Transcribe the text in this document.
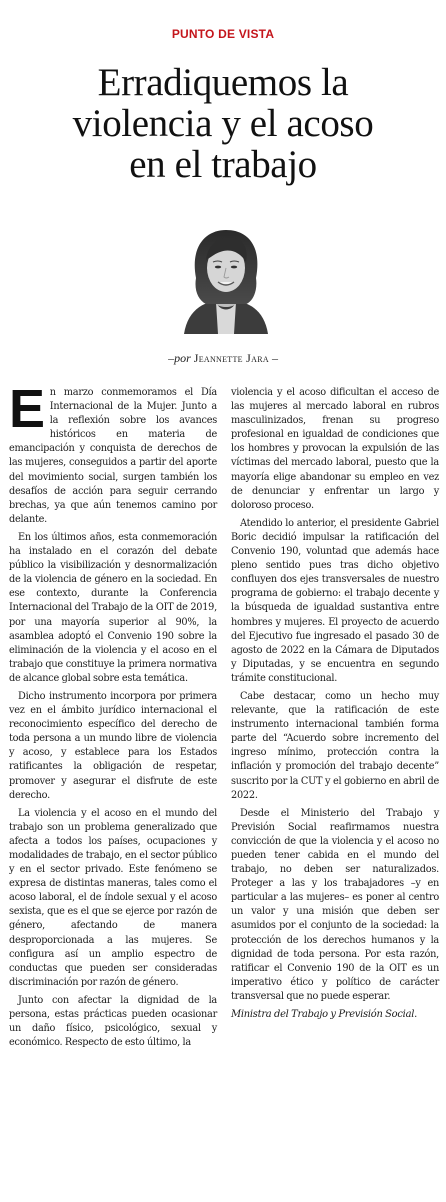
PUNTO DE VISTA
Erradiquemos la
violencia y el acoso
en el trabajo
–por Jeannette Jara –

En marzo conmemoramos el Día Internacional de la Mujer. Junto a la reflexión sobre los avances históricos en materia de emancipación y conquista de derechos de las mujeres, conseguidos a partir del aporte del movimiento social, surgen también los desafíos de acción para seguir cerrando brechas, ya que aún tenemos camino por delante.

En los últimos años, esta conmemoración ha instalado en el corazón del debate público la visibilización y desnormalización de la violencia de género en la sociedad. En ese contexto, durante la Conferencia Internacional del Trabajo de la OIT de 2019, por una mayoría superior al 90%, la asamblea adoptó el Convenio 190 sobre la eliminación de la violencia y el acoso en el trabajo que constituye la primera normativa de alcance global sobre esta temática.

Dicho instrumento incorpora por primera vez en el ámbito jurídico internacional el reconocimiento específico del derecho de toda persona a un mundo libre de violencia y acoso, y establece para los Estados ratificantes la obligación de respetar, promover y asegurar el disfrute de este derecho.

La violencia y el acoso en el mundo del trabajo son un problema generalizado que afecta a todos los países, ocupaciones y modalidades de trabajo, en el sector público y en el sector privado. Este fenómeno se expresa de distintas maneras, tales como el acoso laboral, el de índole sexual y el acoso sexista, que es el que se ejerce por razón de género, afectando de manera desproporcionada a las mujeres. Se configura así un amplio espectro de conductas que pueden ser consideradas discriminación por razón de género.

Junto con afectar la dignidad de la persona, estas prácticas pueden ocasionar un daño físico, psicológico, sexual y económico. Respecto de esto último, la

violencia y el acoso dificultan el acceso de las mujeres al mercado laboral en rubros masculinizados, frenan su progreso profesional en igualdad de condiciones que los hombres y provocan la expulsión de las víctimas del mercado laboral, puesto que la mayoría elige abandonar su empleo en vez de denunciar y enfrentar un largo y doloroso proceso.

Atendido lo anterior, el presidente Gabriel Boric decidió impulsar la ratificación del Convenio 190, voluntad que además hace pleno sentido pues tras dicho objetivo confluyen dos ejes transversales de nuestro programa de gobierno: el trabajo decente y la búsqueda de igualdad sustantiva entre hombres y mujeres. El proyecto de acuerdo del Ejecutivo fue ingresado el pasado 30 de agosto de 2022 en la Cámara de Diputados y Diputadas, y se encuentra en segundo trámite constitucional.

Cabe destacar, como un hecho muy relevante, que la ratificación de este instrumento internacional también forma parte del “Acuerdo sobre incremento del ingreso mínimo, protección contra la inflación y promoción del trabajo decente” suscrito por la CUT y el gobierno en abril de 2022.

Desde el Ministerio del Trabajo y Previsión Social reafirmamos nuestra convicción de que la violencia y el acoso no pueden tener cabida en el mundo del trabajo, no deben ser naturalizados. Proteger a las y los trabajadores –y en particular a las mujeres– es poner al centro un valor y una misión que deben ser asumidos por el conjunto de la sociedad: la protección de los derechos humanos y la dignidad de toda persona. Por esta razón, ratificar el Convenio 190 de la OIT es un imperativo ético y político de carácter transversal que no puede esperar.

Ministra del Trabajo y Previsión Social.
